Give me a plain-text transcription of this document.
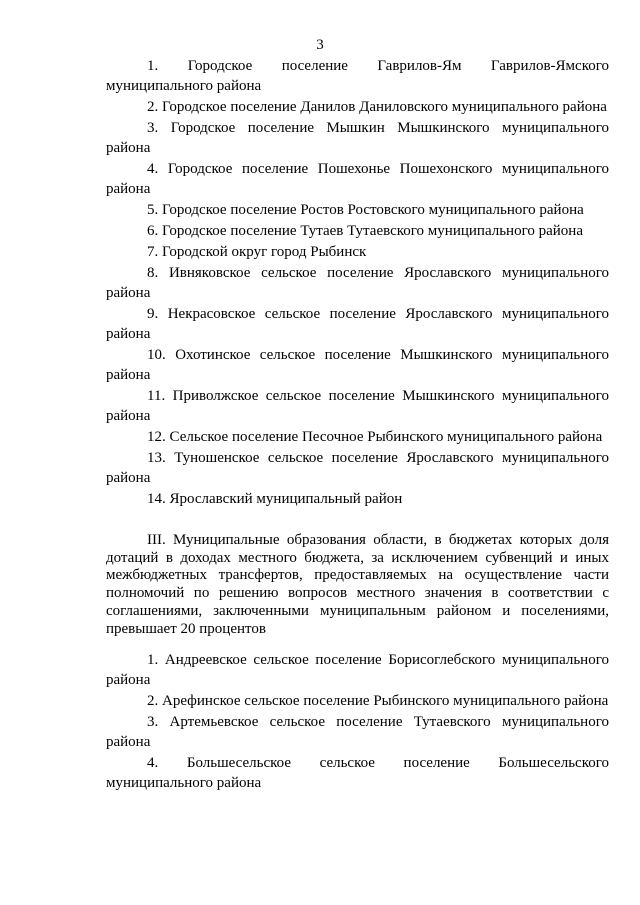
3

1. Городское поселение Гаврилов-Ям Гаврилов-Ямского муниципального района

2. Городское поселение Данилов Даниловского муниципального района

3. Городское поселение Мышкин Мышкинского муниципального района

4. Городское поселение Пошехонье Пошехонского муниципального района

5. Городское поселение Ростов Ростовского муниципального района

6. Городское поселение Тутаев Тутаевского муниципального района

7. Городской округ город Рыбинск

8. Ивняковское сельское поселение Ярославского муниципального района

9. Некрасовское сельское поселение Ярославского муниципального района

10. Охотинское сельское поселение Мышкинского муниципального района

11. Приволжское сельское поселение Мышкинского муниципального района

12. Сельское поселение Песочное Рыбинского муниципального района

13. Туношенское сельское поселение Ярославского муниципального района

14. Ярославский муниципальный район

III. Муниципальные образования области, в бюджетах которых доля дотаций в доходах местного бюджета, за исключением субвенций и иных межбюджетных трансфертов, предоставляемых на осуществление части полномочий по решению вопросов местного значения в соответствии с соглашениями, заключенными муниципальным районом и поселениями, превышает 20 процентов

1. Андреевское сельское поселение Борисоглебского муниципального района

2. Арефинское сельское поселение Рыбинского муниципального района

3. Артемьевское сельское поселение Тутаевского муниципального района

4. Большесельское сельское поселение Большесельского муниципального района
